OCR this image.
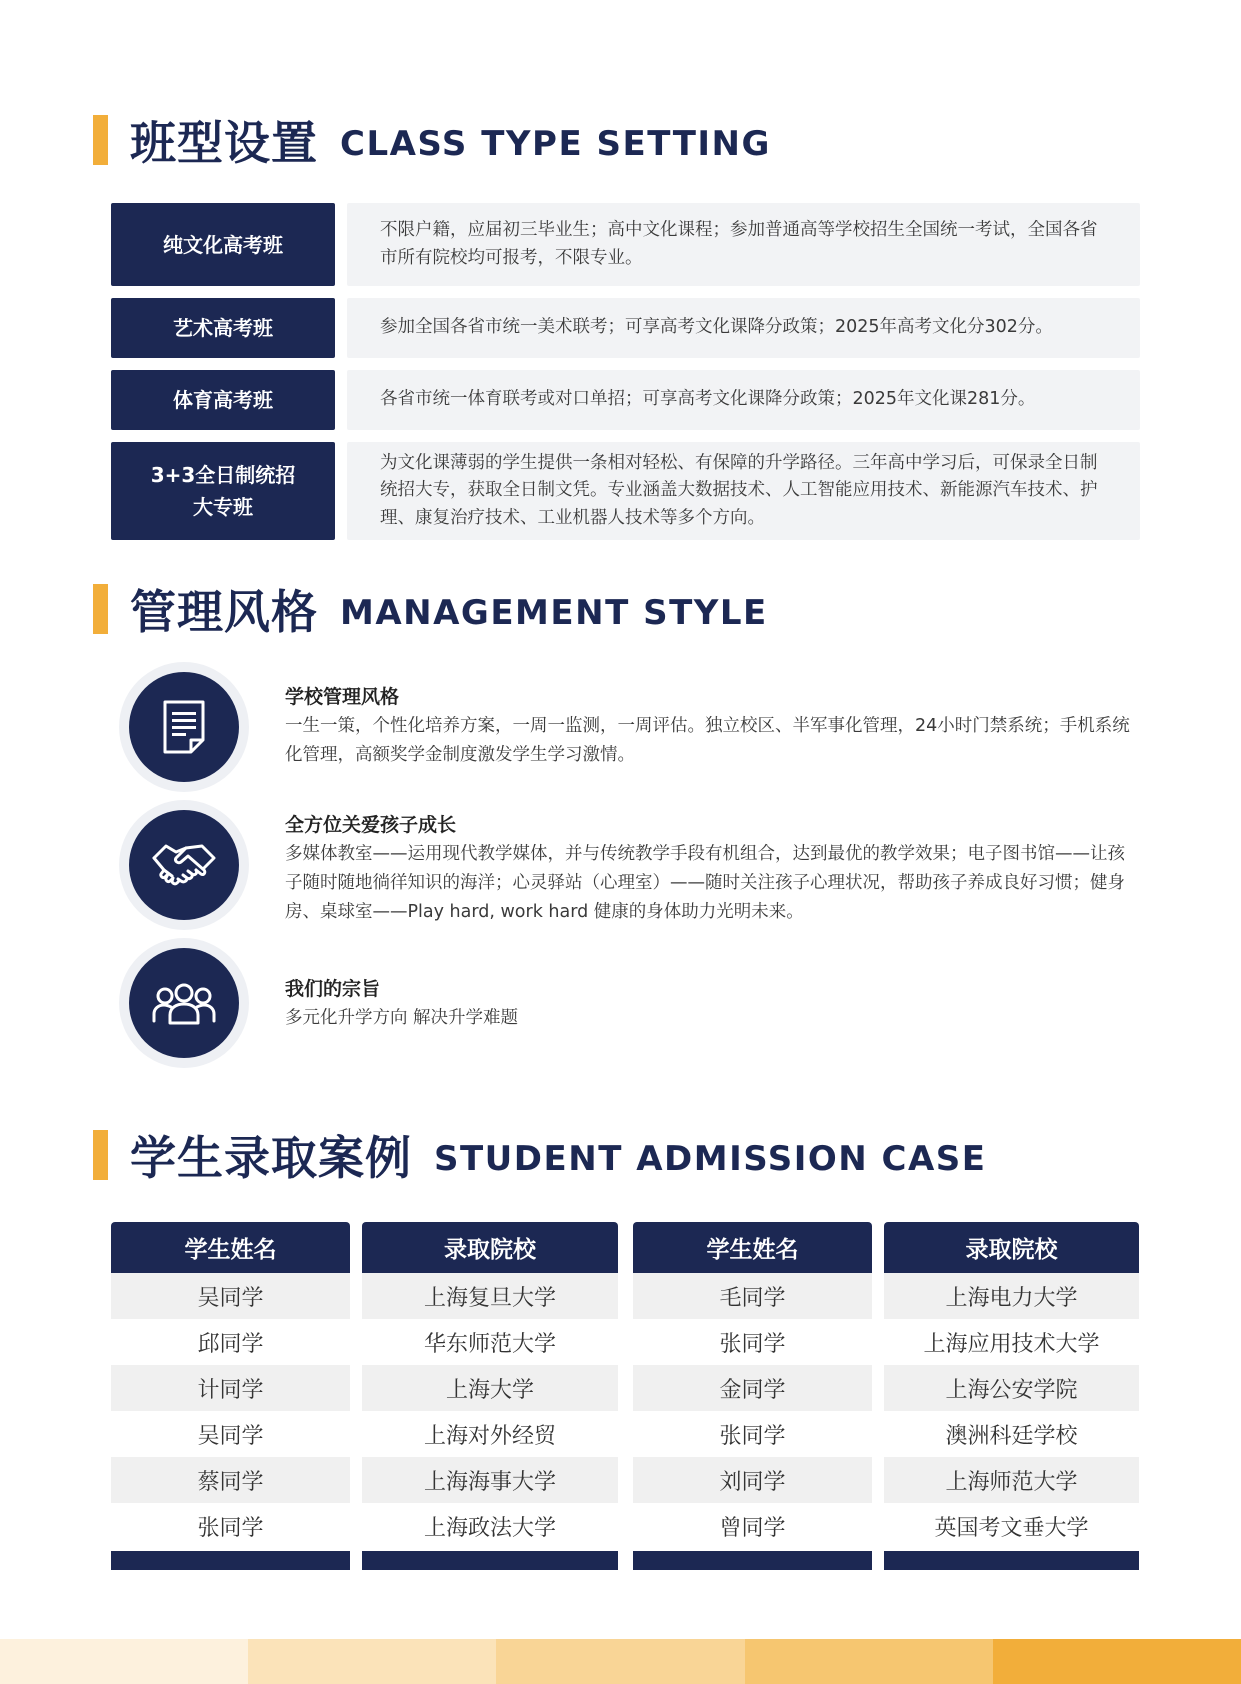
班型设置 CLASS TYPE SETTING
纯文化高考班
不限户籍，应届初三毕业生；高中文化课程；参加普通高等学校招生全国统一考试，全国各省市所有院校均可报考，不限专业。
艺术高考班	参加全国各省市统一美术联考；可享高考文化课降分政策；2025年高考文化分302分。
体育高考班	各省市统一体育联考或对口单招；可享高考文化课降分政策；2025年文化课281分。
3+3全日制统招
大专班
为文化课薄弱的学生提供一条相对轻松、有保障的升学路径。三年高中学习后，可保录全日制统招大专，获取全日制文凭。专业涵盖大数据技术、人工智能应用技术、新能源汽车技术、护理、康复治疗技术、工业机器人技术等多个方向。
管理风格 MANAGEMENT STYLE
学校管理风格
一生一策，个性化培养方案，一周一监测，一周评估。独立校区、半军事化管理，24小时门禁系统；手机系统化管理，高额奖学金制度激发学生学习激情。
全方位关爱孩子成长
多媒体教室——运用现代教学媒体，并与传统教学手段有机组合，达到最优的教学效果；电子图书馆——让孩子随时随地徜徉知识的海洋；心灵驿站（心理室）——随时关注孩子心理状况，帮助孩子养成良好习惯；健身房、桌球室——Play hard, work hard 健康的身体助力光明未来。
我们的宗旨
多元化升学方向 解决升学难题
学生录取案例 STUDENT ADMISSION CASE
学生姓名
吴同学
邱同学
计同学
吴同学
蔡同学
张同学
录取院校
上海复旦大学
华东师范大学
上海大学
上海对外经贸
上海海事大学
上海政法大学
学生姓名
毛同学
张同学
金同学
张同学
刘同学
曾同学
录取院校
上海电力大学
上海应用技术大学
上海公安学院
澳洲科廷学校
上海师范大学
英国考文垂大学
